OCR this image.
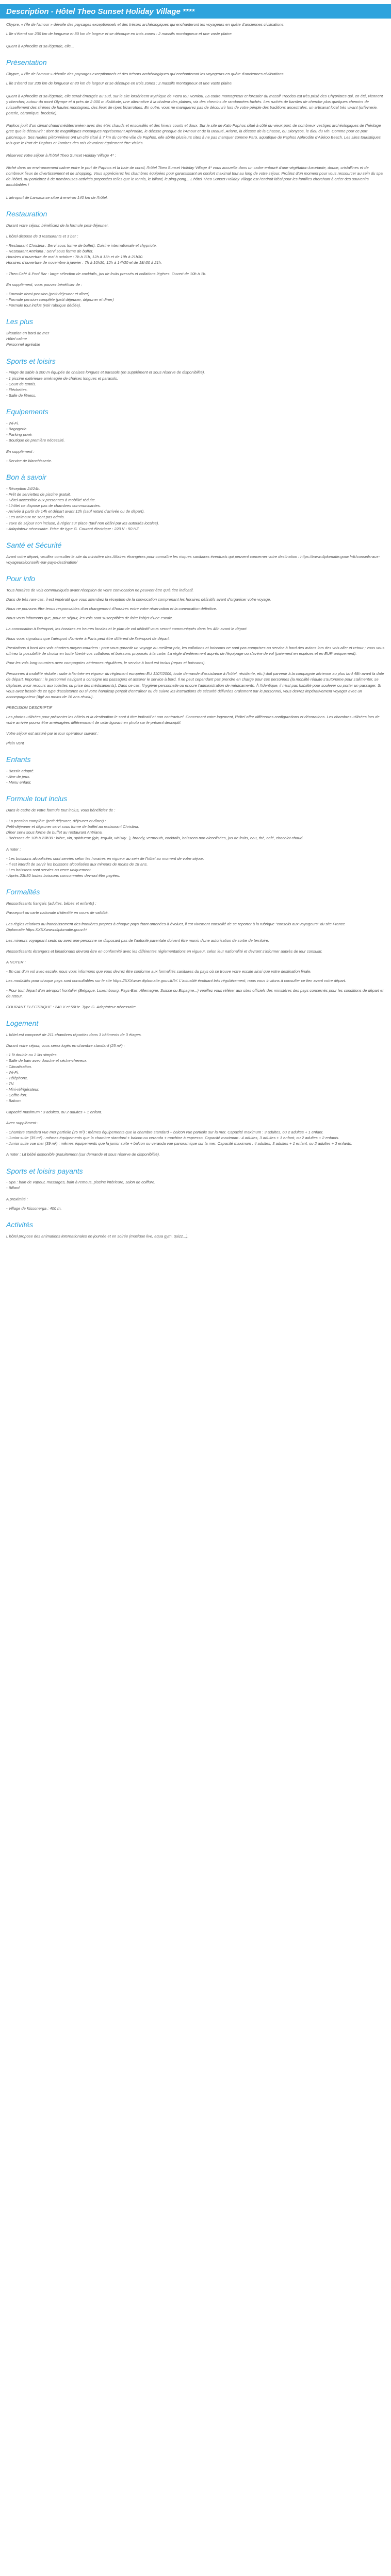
Description - Hôtel Theo Sunset Holiday Village ****

Chypre, « l'île de l'amour » dévoile des paysages exceptionnels et des trésors archéologiques qui enchanteront les voyageurs en quête d'anciennes civilisations.

L'île s'étend sur 230 km de longueur et 80 km de largeur et se découpe en trois zones : 2 massifs montagneux et une vaste plaine.

Quant à Aphrodite et sa légende, elle...

Présentation

Chypre, « l'île de l'amour » dévoile des paysages exceptionnels et des trésors archéologiques qui enchanteront les voyageurs en quête d'anciennes civilisations.

L'île s'étend sur 230 km de longueur et 80 km de largeur et se découpe en trois zones : 2 massifs montagneux et une vaste plaine.

Quant à Aphrodite et sa légende, elle serait émergée au sud, sur le site lorsérieent Mythique de Petra tou Romiou. La cadre montagneux et forestier du massif Troodos est très prisé des Chypriotes qui, en été, viennent y chercher, autour du mont Olympe et à près de 2 000 m d'altitude, une alternative à la chaleur des plaines, via des chemins de randonnées fuchés. Les ruchés de barriles de cherche plus quelques chemins de ruissellement des sirènes de hautes montagnes, des lieux de ripes bizarroïdes. En outre, vous ne manquerez pas de découvrir lors de votre périple des traditions ancestrales, un artisanat local très vivant (orfèvrerie, poterie, céramique, broderie).

Paphos jouit d'un climat chaud méditerranéen avec des étés chauds et ensoleillés et des hivers courts et doux. Sur le site de Kato Paphos situé à côté du vieux port, de nombreux vestiges archéologiques de l'héritage grec que le découvrir : dont de magnifiques mosaïques représentant Aphrodite, le déesse grecque de l'Amour et de la Beauté, Ariane, la déesse de la Chasse, ou Dionysos, le dieu du Vin. Comme pour ce port pittoresque. Ses ruelles piétonnières ont un cité situé à 7 km du centre ville de Paphos, elle abrite plusieurs sites à ne pas manquer comme Paro, aquatique de Paphos Aphrodite d'Alkkoo Beach. Les sites touristiques tels que le Port de Paphos et Tombes des rois devraient également être visités.

Réservez votre séjour à l'hôtel Theo Sunset Holiday Village 4* :

Niché dans un environnement calme entre le port de Paphos et la baie de corail, l'hôtel Theo Sunset Holiday Village 4* vous accueille dans un cadre entouré d'une végétation luxuriante, douce, cristallines et de nombreux lieux de divertissement et de shopping. Vous apprécierez les chambres équipées pour garantissant un confort maximal tout au long de votre séjour. Profitez d'un moment pour vous ressourcer au sein du spa de l'hôtel, ou participez à de nombreuses activités proposées telles que le tennis, le billard, le ping-pong... L'hôtel Theo Sunset Holiday Village est l'endroit idéal pour les familles cherchant à créer des souvenirs inoubliables !

L'aéroport de Larnaca se situe à environ 140 km de l'hôtel.

Restauration

Durant votre séjour, bénéficiez de la formule petit-déjeuner.

L'hôtel dispose de 3 restaurants et 3 bar :

- Restaurant Christina : Servi sous forme de buffet). Cuisine internationale et chypriote.
- Restaurant Antriana : Servi sous forme de buffet.
Horaires d'ouverture de mai à octobre : 7h à 11h, 12h à 13h et de 19h à 21h30.
Horaires d'ouverture de novembre à janvier : 7h à 10h30, 12h à 14h30 et de 18h30 à 21h.

- Theo Café & Pool Bar : large sélection de cocktails, jus de fruits pressés et collations légères. Ouvert de 10h à 1h.

En supplément, vous pouvez bénéficier de :

- Formule demi-pension (petit déjeuner et dîner)
- Formule pension complète (petit déjeuner, déjeuner et dîner)
- Formule tout inclus (voir rubrique dédiée).
Les plus
Situation en bord de mer
Hôtel calme
Personnel agréable
Sports et loisirs
- Plage de sable à 200 m équipée de chaises longues et parasols (en supplément et sous réserve de disponibilité).
- 1 piscine extérieure aménagée de chaises longues et parasols.
- Court de tennis.
- Fléchettes.
- Salle de fitness.
Equipements
- Wi-Fi.
- Bagagerie.
- Parking privé.
- Boutique de première nécessité.

En supplément :

- Service de blanchisserie.
Bon à savoir
- Réception 24/24h.
- Prêt de serviettes de piscine gratuit.
- Hôtel accessible aux personnes à mobilité réduite.
- L'hôtel ne dispose pas de chambres communicantes.
- Arrivée à partir de 14h et départ avant 12h (sauf retard d'arrivée ou de départ).
- Les animaux ne sont pas admis.
- Taxe de séjour non incluse, à régler sur place (tarif non défini par les autorités locales).
- Adaptateur nécessaire. Prise de type G. Courant électrique : 220 V - 50 HZ
Santé et Sécurité

Avant votre départ, veuillez consulter le site du ministère des Affaires étrangères pour connaître les risques sanitaires éventuels qui peuvent concerner votre destination : https://www.diplomatie.gouv.fr/fr/conseils-aux-voyageurs/conseils-par-pays-destination/

Pour info

Tous horaires de vols communiqués avant réception de votre convocation ne peuvent être qu'à titre indicatif.

Dans de très rare cas, il est impératif que vous attendiez la réception de la convocation comprenant les horaires définitifs avant d'organiser votre voyage.

Nous ne pouvons être tenus responsables d'un changement d'horaires entre votre réservation et la convocation définitive.

Nous vous informons que, pour ce séjour, les vols sont susceptibles de faire l'objet d'une escale.

La convocation à l'aéroport, les horaires en heures locales et le plan de vol définitif vous seront communiqués dans les 48h avant le départ.

Nous vous signalons que l'aéroport d'arrivée à Paris peut être différent de l'aéroport de départ.

Prestations à bord des vols charters moyen-courriers : pour vous garantir un voyage au meilleur prix, les collations et boissons ne sont pas comprises au service à bord des avions lors des vols aller et retour ; vous vous offrirez la possibilité de choisir en toute liberté vos collations et boissons proposés à la carte. La règle d'enlèvement auprès de l'équipage ou s'avère de vol (paiement en espèces et en EUR uniquement).

Pour les vols long-courriers avec compagnies aériennes régulières, le service à bord est inclus (repas et boissons).

Personnes à mobilité réduite : suite à l'entrée en vigueur du règlement européen EU 1107/2006, toute demande d'assistance à l'hôtel, résidente, etc.) doit parvenir à la compagnie aérienne au plus tard 48h avant la date de départ. Important : le personnel navigant a consigne les passagers et assurer le service à bord. Il ne peut cependant pas prendre en charge pour ces personnes (la mobilité réduite s'autonome pour s'alimenter, se déplacer, avoir recours aux toilettes ou prise des médicaments). Dans ce cas, l'hygiène personnelle ou encore l'administration de médicaments. À l'identique, il n'est pas habilité pour soulever ou porter un passager. Si vous avez besoin de ce type d'assistance ou si votre handicap perçoit d'entraîner ou de suivre les instructions de sécurité délivrées oralement par le personnel, vous devrez impérativement voyager avec un accompagnateur (âgé au moins de 16 ans révolu).

PRECISION DESCRIPTIF

Les photos utilisées pour présenter les hôtels et la destination le sont à titre indicatif et non contractuel. Concernant votre logement, l'hôtel offre différentes configurations et décorations. Les chambres utilisées lors de votre arrivée pourra être aménagées différemment de celle figurant en photo sur le présent descriptif.

Votre séjour est assuré par le tour opérateur suivant :

Plein Vent

Enfants
- Bassin adapté.
- Aire de jeux.
- Menu enfant.
Formule tout inclus

Dans le cadre de votre formule tout inclus, vous bénéficiez de :

- La pension complète (petit déjeuner, déjeuner et dîner) :
Petit-déjeuner et déjeuner servi sous forme de buffet au restaurant Christina.
Dîner servi sous forme de buffet au restaurant Antriana.
- Boissons de 10h à 23h30 : bière, vin, spiritueux (gin, tequila, whisky...), brandy, vermouth, cocktails, boissons non alcoolisées, jus de fruits, eau, thé, café, chocolat chaud.

A noter :

- Les boissons alcoolisées sont servies selon les horaires en vigueur au sein de l'hôtel au moment de votre séjour.
- Il est interdit de servir les boissons alcoolisées aux mineurs de moins de 18 ans.
- Les boissons sont servies au verre uniquement.
- Après 23h30 toutes boissons consommées devront être payées.
Formalités

Ressortissants français (adultes, bébés et enfants) :

Passeport ou carte nationale d'identité en cours de validité.

Les règles relatives au franchissement des frontières propres à chaque pays étant amenées à évoluer, il est vivement conseillé de se reporter à la rubrique "conseils aux voyageurs" du site France Diplomatie.https:XXXXwww.diplomatie.gouv.fr/

Les mineurs voyageant seuls ou avec une personne ne disposant pas de l'autorité parentale doivent être munis d'une autorisation de sortie de territoire.

Ressortissants étrangers et binationaux devront être en conformité avec les différentes réglementations en vigueur, selon leur nationalité et devront s'informer auprès de leur consulat.

A NOTER :

- En cas d'un vol avec escale, nous vous informons que vous devrez être conforme aux formalités sanitaires du pays où se trouve votre escale ainsi que votre destination finale.

Les modalités pour chaque pays sont consultables sur le site https://XXXwww.diplomatie.gouv.fr/fr/. L'actualité évoluant très régulièrement, nous vous invitons à consulter ce lien avant votre départ.

- Pour tout départ d'un aéroport frontalier (Belgique, Luxembourg, Pays-Bas, Allemagne, Suisse ou Espagne...) veuillez vous référer aux sites officiels des ministères des pays concernés pour les conditions de départ et de retour.

COURANT ELECTRIQUE : 240 V et 50Hz. Type G. Adaptateur nécessaire.

Logement

L'hôtel est composé de 211 chambres réparties dans 3 bâtiments de 3 étages.

Durant votre séjour, vous serez logés en chambre standard (25 m²) :

- 1 lit double ou 2 lits simples.
- Salle de bain avec douche et sèche-cheveux.
- Climatisation.
- Wi-Fi.
- Téléphone.
- TV.
- Mini-réfrigérateur.
- Coffre-fort.
- Balcon.

Capacité maximum : 3 adultes, ou 2 adultes + 1 enfant.

Avec supplément :

- Chambre standard vue mer partielle (25 m²) : mêmes équipements que la chambre standard + balcon vue partielle sur la mer. Capacité maximum : 3 adultes, ou 2 adultes + 1 enfant.
- Junior suite (35 m²) : mêmes équipements que la chambre standard + balcon ou veranda + machine à espresso. Capacité maximum : 4 adultes, 3 adultes + 1 enfant, ou 2 adultes + 2 enfants.
- Junior suite vue mer (39 m²) : mêmes équipements que la junior suite + balcon ou veranda vue panoramique sur la mer. Capacité maximum : 4 adultes, 3 adultes + 1 enfant, ou 2 adultes + 2 enfants.

A noter : Lit bébé disponible gratuitement (sur demande et sous réserve de disponibilité).

Sports et loisirs payants
- Spa : bain de vapeur, massages, bain à remous, piscine intérieure, salon de coiffure.
- Billard.

A proximité :

- Village de Kissonerga : 400 m.
Activités

L'hôtel propose des animations internationales en journée et en soirée (musique live, aqua gym, quizz...).
